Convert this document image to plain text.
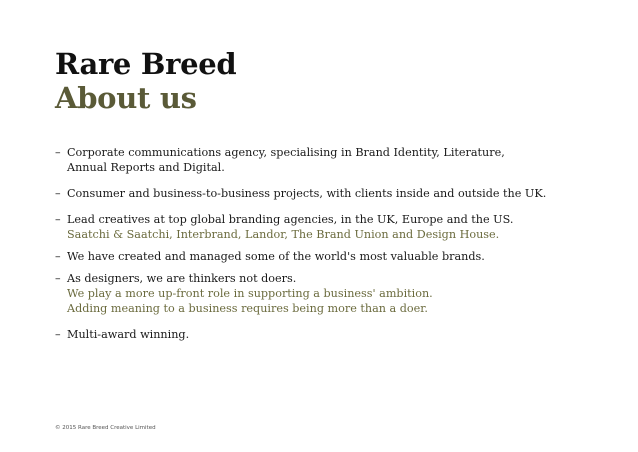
Rare Breed
About us
– Corporate communications agency, specialising in Brand Identity, Literature,
Annual Reports and Digital.
– Consumer and business-to-business projects, with clients inside and outside the UK.
– Lead creatives at top global branding agencies, in the UK, Europe and the US.
Saatchi & Saatchi, Interbrand, Landor, The Brand Union and Design House.
– We have created and managed some of the world's most valuable brands.
– As designers, we are thinkers not doers.
We play a more up-front role in supporting a business' ambition.
Adding meaning to a business requires being more than a doer.
– Multi-award winning.
© 2015 Rare Breed Creative Limited
